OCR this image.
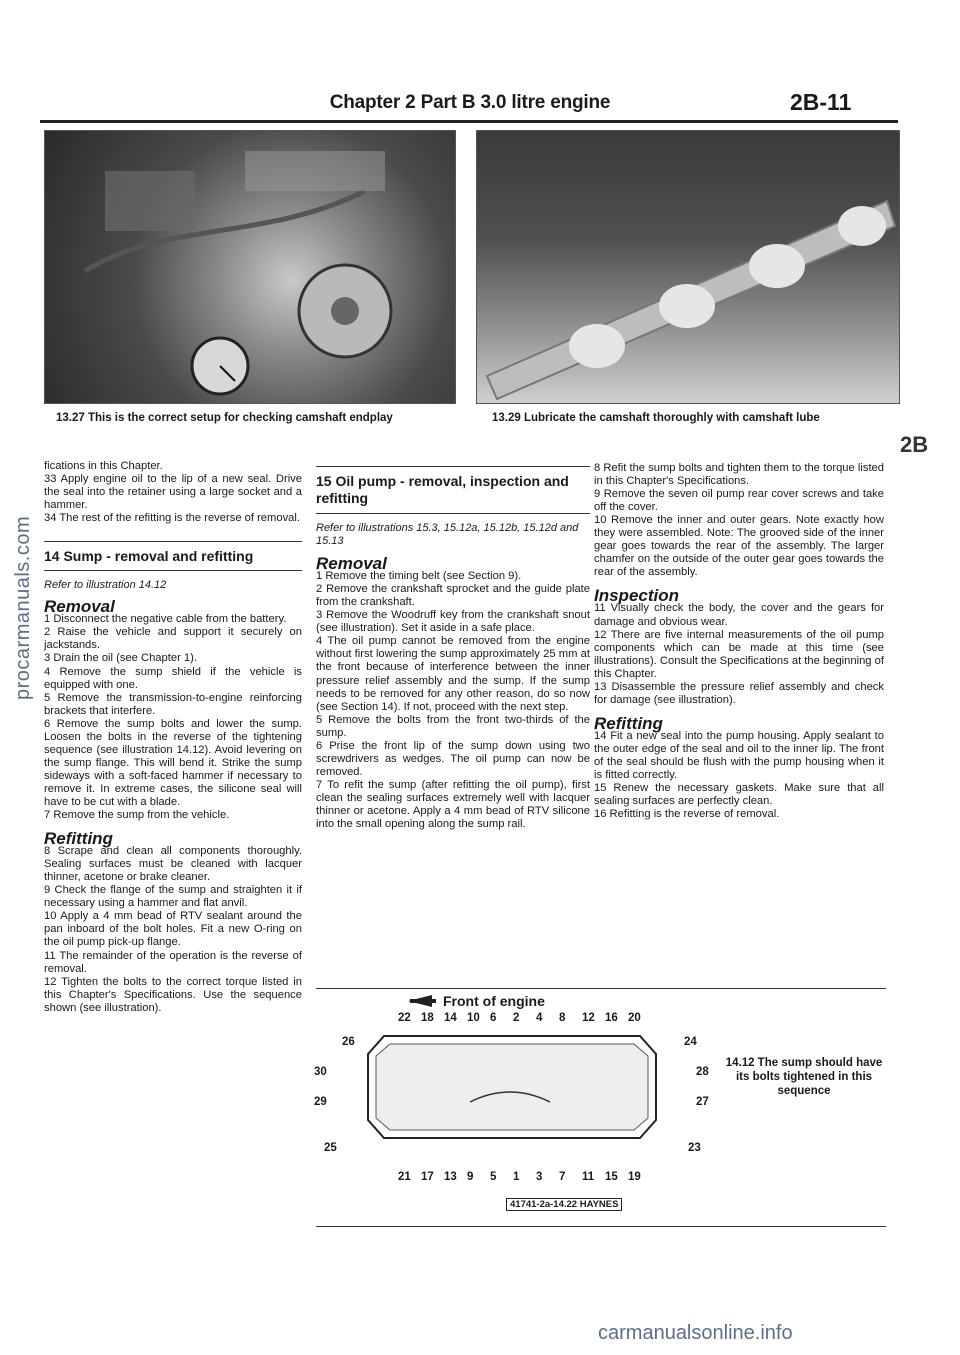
Chapter 2 Part B 3.0 litre engine	2B-11
13.27 This is the correct setup for checking camshaft endplay	13.29 Lubricate the camshaft thoroughly with camshaft lube
2B
procarmanuals.com

fications in this Chapter.

33 Apply engine oil to the lip of a new seal. Drive the seal into the retainer using a large socket and a hammer.

34 The rest of the refitting is the reverse of removal.

14 Sump - removal and refitting

Refer to illustration 14.12

Removal

1 Disconnect the negative cable from the battery.

2 Raise the vehicle and support it securely on jackstands.

3 Drain the oil (see Chapter 1).

4 Remove the sump shield if the vehicle is equipped with one.

5 Remove the transmission-to-engine reinforcing brackets that interfere.

6 Remove the sump bolts and lower the sump. Loosen the bolts in the reverse of the tightening sequence (see illustration 14.12). Avoid levering on the sump flange. This will bend it. Strike the sump sideways with a soft-faced hammer if necessary to remove it. In extreme cases, the silicone seal will have to be cut with a blade.

7 Remove the sump from the vehicle.

Refitting

8 Scrape and clean all components thoroughly. Sealing surfaces must be cleaned with lacquer thinner, acetone or brake cleaner.

9 Check the flange of the sump and straighten it if necessary using a hammer and flat anvil.

10 Apply a 4 mm bead of RTV sealant around the pan inboard of the bolt holes. Fit a new O-ring on the oil pump pick-up flange.

11 The remainder of the operation is the reverse of removal.

12 Tighten the bolts to the correct torque listed in this Chapter's Specifications. Use the sequence shown (see illustration).

15 Oil pump - removal, inspection and refitting

Refer to illustrations 15.3, 15.12a, 15.12b, 15.12d and 15.13

Removal

1 Remove the timing belt (see Section 9).

2 Remove the crankshaft sprocket and the guide plate from the crankshaft.

3 Remove the Woodruff key from the crankshaft snout (see illustration). Set it aside in a safe place.

4 The oil pump cannot be removed from the engine without first lowering the sump approximately 25 mm at the front because of interference between the inner pressure relief assembly and the sump. If the sump needs to be removed for any other reason, do so now (see Section 14). If not, proceed with the next step.

5 Remove the bolts from the front two-thirds of the sump.

6 Prise the front lip of the sump down using two screwdrivers as wedges. The oil pump can now be removed.

7 To refit the sump (after refitting the oil pump), first clean the sealing surfaces extremely well with lacquer thinner or acetone. Apply a 4 mm bead of RTV silicone into the small opening along the sump rail.

8 Refit the sump bolts and tighten them to the torque listed in this Chapter's Specifications.

9 Remove the seven oil pump rear cover screws and take off the cover.

10 Remove the inner and outer gears. Note exactly how they were assembled. Note: The grooved side of the inner gear goes towards the rear of the assembly. The larger chamfer on the outside of the outer gear goes towards the rear of the assembly.

Inspection

11 Visually check the body, the cover and the gears for damage and obvious wear.

12 There are five internal measurements of the oil pump components which can be made at this time (see illustrations). Consult the Specifications at the beginning of this Chapter.

13 Disassemble the pressure relief assembly and check for damage (see illustration).

Refitting

14 Fit a new seal into the pump housing. Apply sealant to the outer edge of the seal and oil to the inner lip. The front of the seal should be flush with the pump housing when it is fitted correctly.

15 Renew the necessary gaskets. Make sure that all sealing surfaces are perfectly clean.

16 Refitting is the reverse of removal.

Front of engine
22 18 14 10 6 2 4 8 12 16 20
21 17 13 9 5 1 3 7 11 15 19
26
30
29
25
24
28
27
23
41741-2a-14.22 HAYNES
14.12 The sump should have its bolts tightened in this sequence
carmanualsonline.info
